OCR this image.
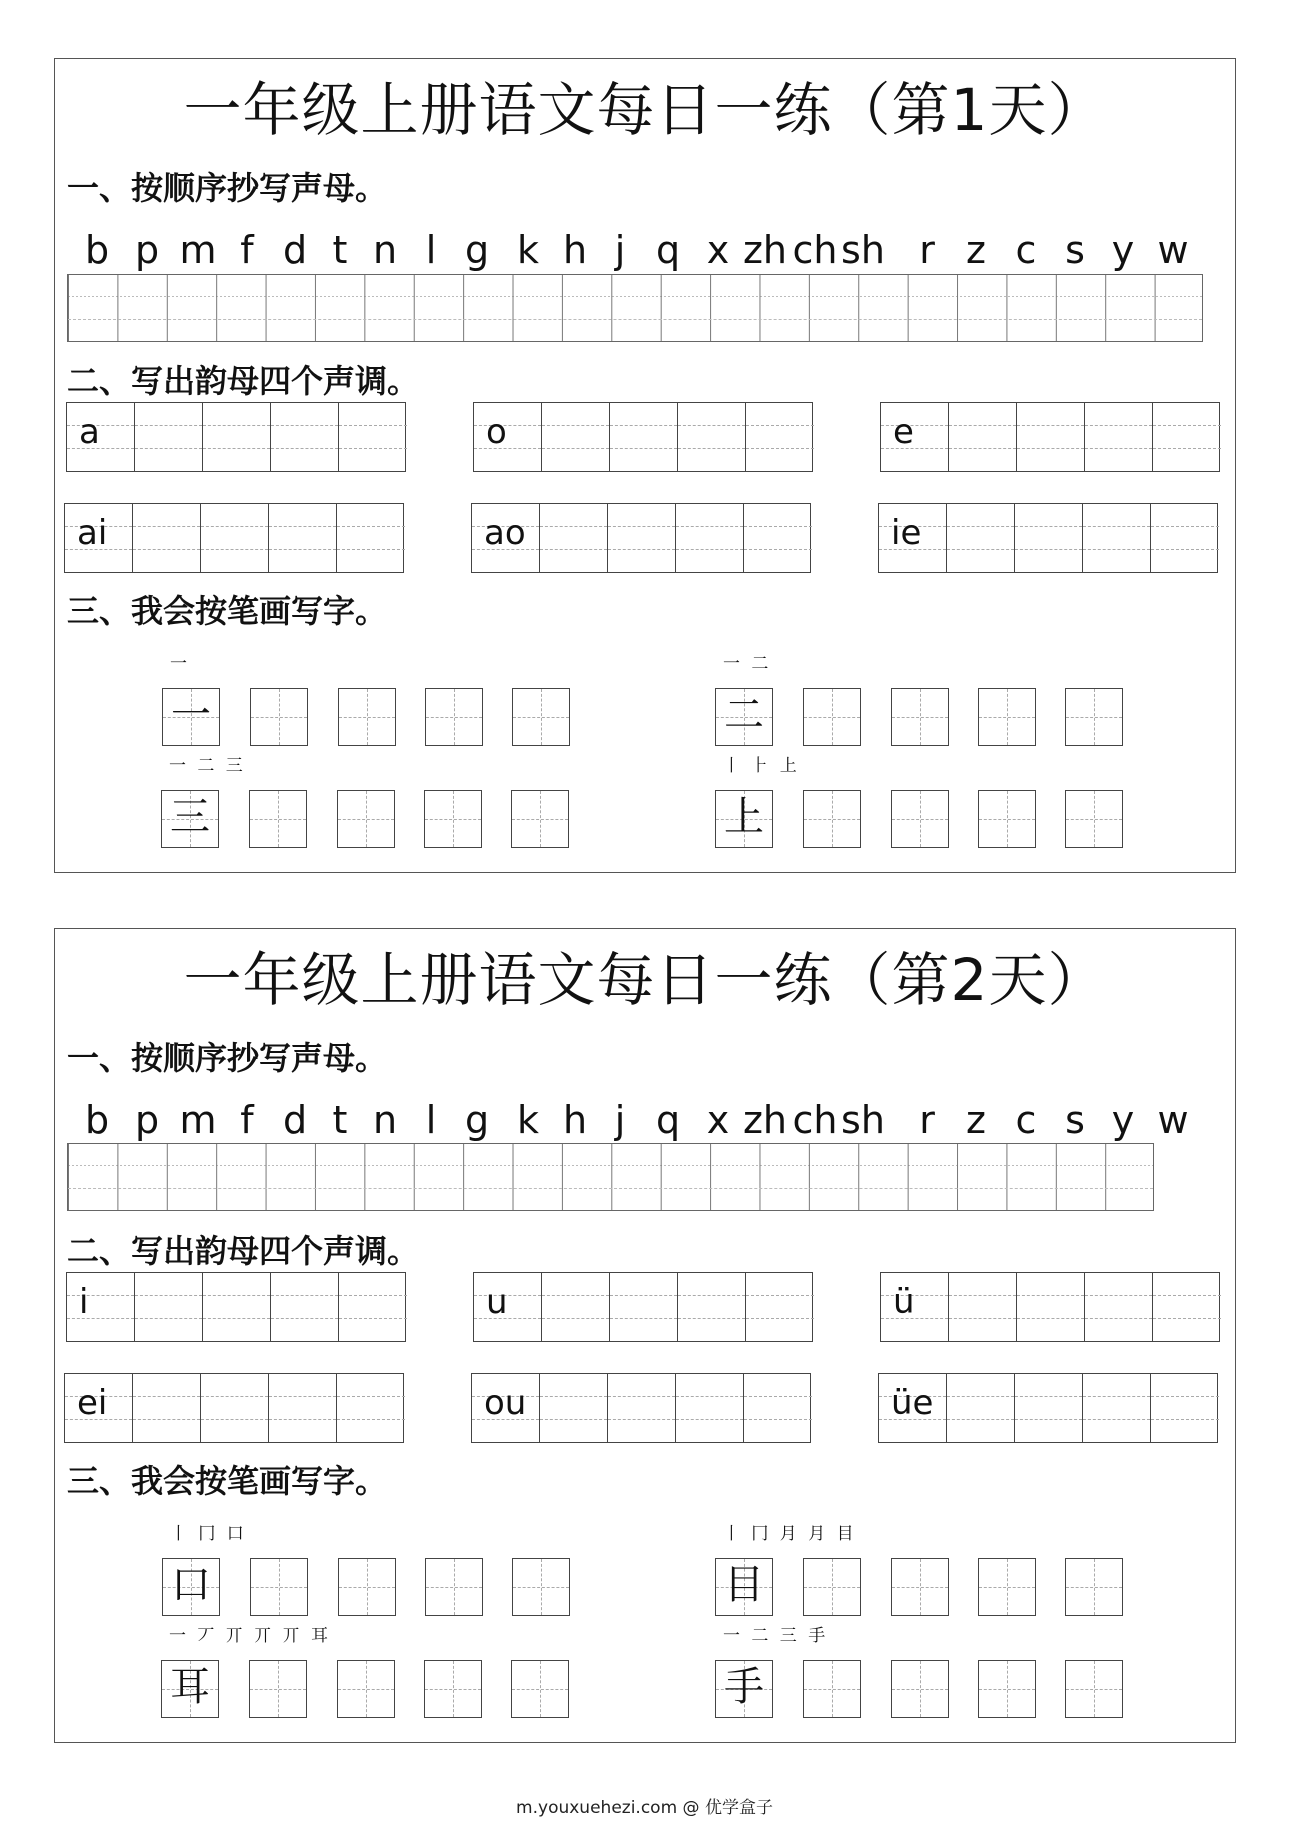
一年级上册语文每日一练（第1天）
一、按顺序抄写声母。
b p m f d t n l g k h j q x zh ch sh r z c s y w
二、写出韵母四个声调。
a	o	e
ai	ao	ie
三、我会按笔画写字。
一
一
一 二
二
一 二 三
三
丨 ⺊ 上
上
一年级上册语文每日一练（第2天）
一、按顺序抄写声母。
b p m f d t n l g k h j q x zh ch sh r z c s y w
二、写出韵母四个声调。
i	u	ü
ei	ou	üe
三、我会按笔画写字。
丨 冂 口
口
丨 冂 月 月 目
目
一 丆 丌 丌 丌 耳
耳
一 二 三 手
手
m.youxuehezi.com @ 优学盒子
